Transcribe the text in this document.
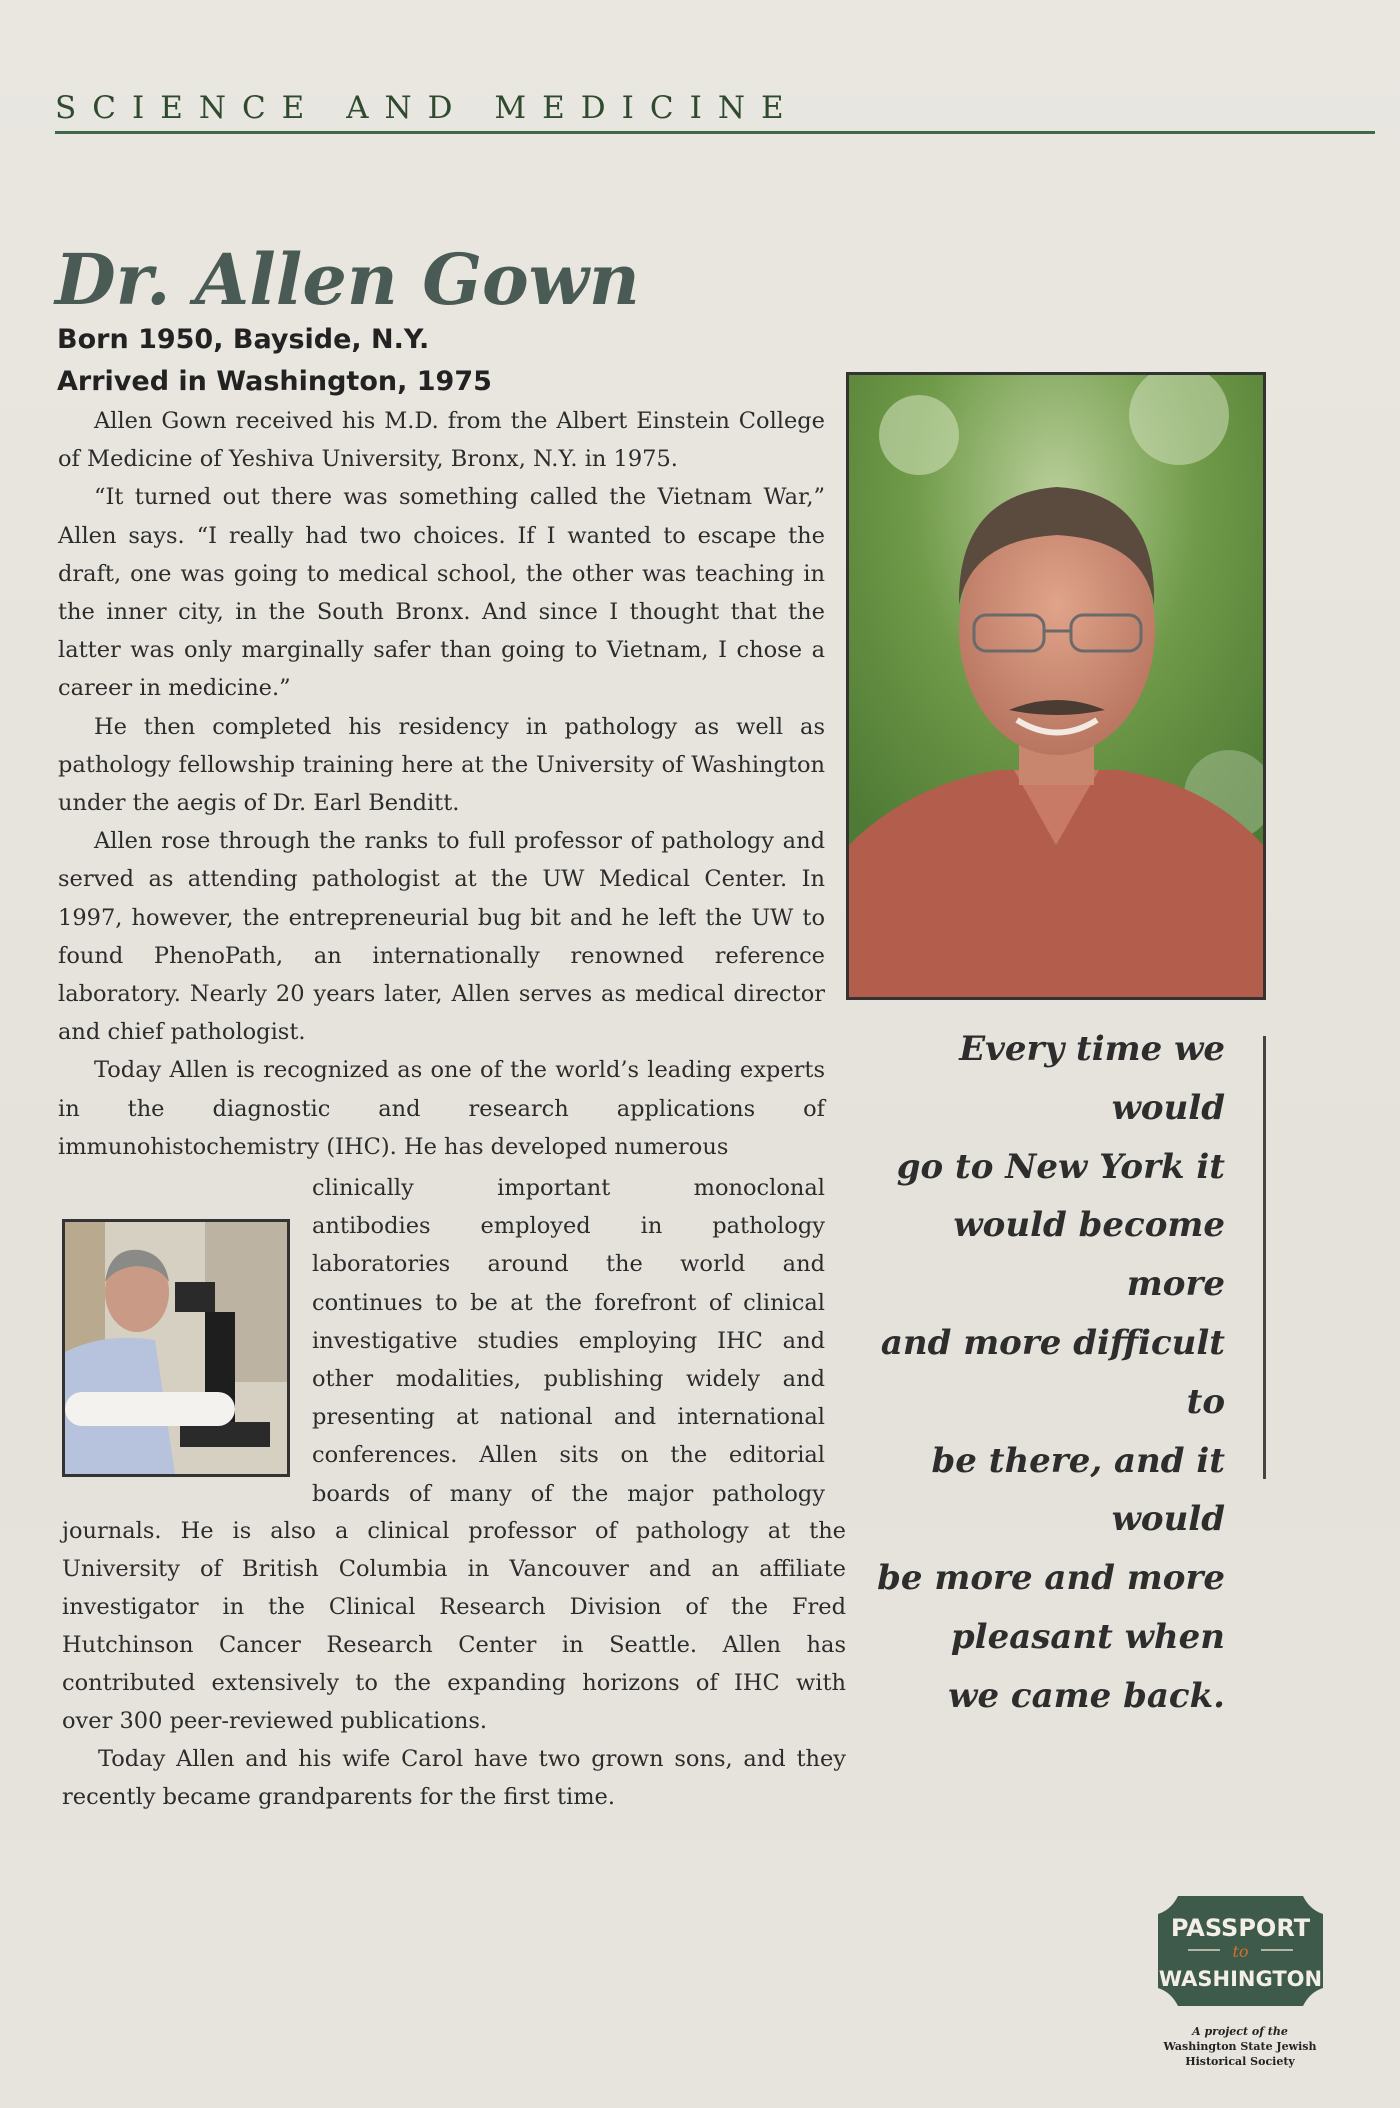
SCIENCE AND MEDICINE
Dr. Allen Gown
Born 1950, Bayside, N.Y.
Arrived in Washington, 1975

Allen Gown received his M.D. from the Albert Einstein College of Medicine of Yeshiva University, Bronx, N.Y. in 1975.

“It turned out there was something called the Vietnam War,” Allen says. “I really had two choices. If I wanted to escape the draft, one was going to medical school, the other was teaching in the inner city, in the South Bronx. And since I thought that the latter was only marginally safer than going to Vietnam, I chose a career in medicine.”

He then completed his residency in pathology as well as pathology fellowship training here at the University of Washington under the aegis of Dr. Earl Benditt.

Allen rose through the ranks to full professor of pathology and served as attending pathologist at the UW Medical Center. In 1997, however, the entrepreneurial bug bit and he left the UW to found PhenoPath, an internationally renowned reference laboratory. Nearly 20 years later, Allen serves as medical director and chief pathologist.

Today Allen is recognized as one of the world’s leading experts in the diagnostic and research applications of immunohistochemistry (IHC). He has developed numerous

clinically important monoclonal
antibodies employed in pathology
laboratories around the world and
continues to be at the forefront of clinical
investigative studies employing IHC and
other modalities, publishing widely and
presenting at national and international
conferences. Allen sits on the editorial
boards of many of the major pathology
journals. He is also a clinical professor of pathology at the
University of British Columbia in Vancouver and an affiliate
investigator in the Clinical Research Division of the Fred
Hutchinson Cancer Research Center in Seattle. Allen has
contributed extensively to the expanding horizons of IHC with
over 300 peer-reviewed publications.
Today Allen and his wife Carol have two grown sons, and they
recently became grandparents for the first time.
Every time we would
go to New York it
would become more
and more difficult to
be there, and it would
be more and more
pleasant when
we came back.
PASSPORT
to
WASHINGTON
A project of the
Washington State Jewish
Historical Society
